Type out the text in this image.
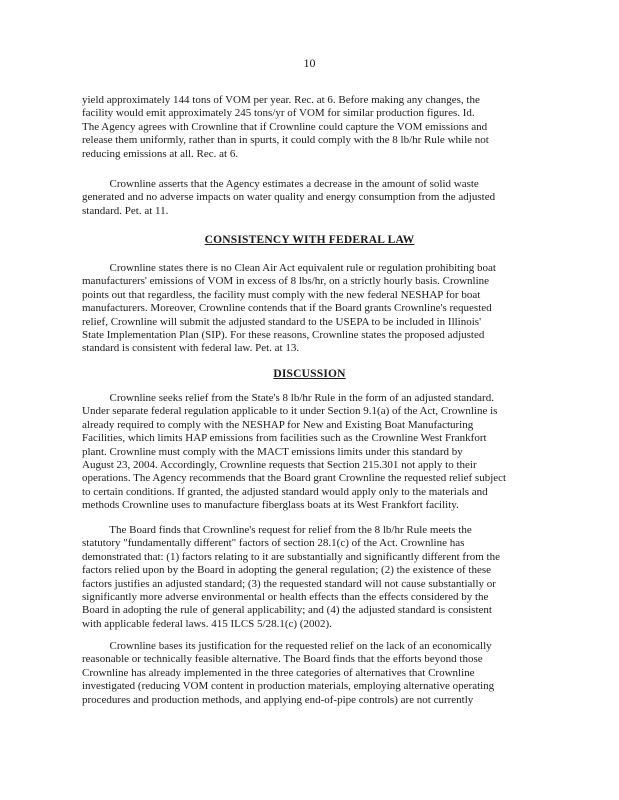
10
yield approximately 144 tons of VOM per year. Rec. at 6. Before making any changes, the
facility would emit approximately 245 tons/yr of VOM for similar production figures. Id.
The Agency agrees with Crownline that if Crownline could capture the VOM emissions and
release them uniformly, rather than in spurts, it could comply with the 8 lb/hr Rule while not
reducing emissions at all. Rec. at 6.
Crownline asserts that the Agency estimates a decrease in the amount of solid waste
generated and no adverse impacts on water quality and energy consumption from the adjusted
standard. Pet. at 11.
CONSISTENCY WITH FEDERAL LAW
Crownline states there is no Clean Air Act equivalent rule or regulation prohibiting boat
manufacturers' emissions of VOM in excess of 8 lbs/hr, on a strictly hourly basis. Crownline
points out that regardless, the facility must comply with the new federal NESHAP for boat
manufacturers. Moreover, Crownline contends that if the Board grants Crownline's requested
relief, Crownline will submit the adjusted standard to the USEPA to be included in Illinois'
State Implementation Plan (SIP). For these reasons, Crownline states the proposed adjusted
standard is consistent with federal law. Pet. at 13.
DISCUSSION
Crownline seeks relief from the State's 8 lb/hr Rule in the form of an adjusted standard.
Under separate federal regulation applicable to it under Section 9.1(a) of the Act, Crownline is
already required to comply with the NESHAP for New and Existing Boat Manufacturing
Facilities, which limits HAP emissions from facilities such as the Crownline West Frankfort
plant. Crownline must comply with the MACT emissions limits under this standard by
August 23, 2004. Accordingly, Crownline requests that Section 215.301 not apply to their
operations. The Agency recommends that the Board grant Crownline the requested relief subject
to certain conditions. If granted, the adjusted standard would apply only to the materials and
methods Crownline uses to manufacture fiberglass boats at its West Frankfort facility.
The Board finds that Crownline's request for relief from the 8 lb/hr Rule meets the
statutory "fundamentally different" factors of section 28.1(c) of the Act. Crownline has
demonstrated that: (1) factors relating to it are substantially and significantly different from the
factors relied upon by the Board in adopting the general regulation; (2) the existence of these
factors justifies an adjusted standard; (3) the requested standard will not cause substantially or
significantly more adverse environmental or health effects than the effects considered by the
Board in adopting the rule of general applicability; and (4) the adjusted standard is consistent
with applicable federal laws. 415 ILCS 5/28.1(c) (2002).
Crownline bases its justification for the requested relief on the lack of an economically
reasonable or technically feasible alternative. The Board finds that the efforts beyond those
Crownline has already implemented in the three categories of alternatives that Crownline
investigated (reducing VOM content in production materials, employing alternative operating
procedures and production methods, and applying end-of-pipe controls) are not currently
